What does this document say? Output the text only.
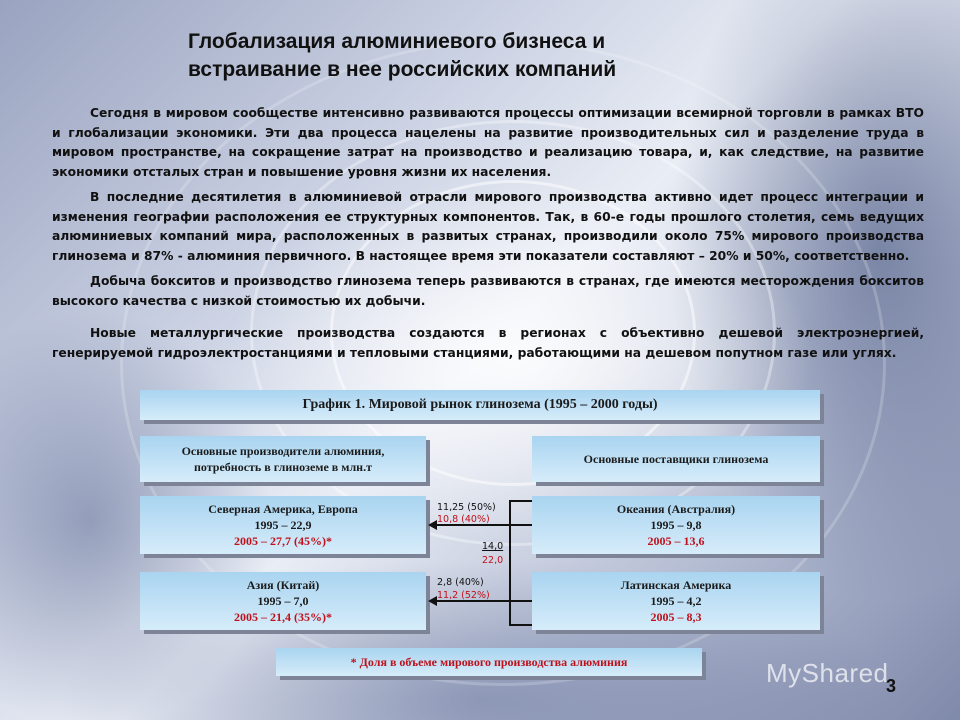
Глобализация алюминиевого бизнеса и
встраивание в нее российских компаний

Сегодня в мировом сообществе интенсивно развиваются процессы оптимизации всемирной торговли в рамках ВТО и глобализации экономики. Эти два процесса нацелены на развитие производительных сил и разделение труда в мировом пространстве, на сокращение затрат на производство и реализацию товара, и, как следствие, на развитие экономики отсталых стран и повышение уровня жизни их населения.

В последние десятилетия в алюминиевой отрасли мирового производства активно идет процесс интеграции и изменения географии расположения ее структурных компонентов. Так, в 60-е годы прошлого столетия, семь ведущих алюминиевых компаний мира, расположенных в развитых странах, производили около 75% мирового производства глинозема и 87% - алюминия первичного. В настоящее время эти показатели составляют – 20% и 50%, соответственно.

Добыча бокситов и производство глинозема теперь развиваются в странах, где имеются месторождения бокситов высокого качества с низкой стоимостью их добычи.

Новые металлургические производства создаются в регионах с объективно дешевой электроэнергией, генерируемой гидроэлектростанциями и тепловыми станциями, работающими на дешевом попутном газе или углях.

График 1. Мировой рынок глинозема (1995 – 2000 годы)
Основные производители алюминия,
потребность в глиноземе в млн.т
Основные поставщики глинозема
Северная Америка, Европа
1995 – 22,9
2005 – 27,7 (45%)*
Азия (Китай)
1995 – 7,0
2005 – 21,4 (35%)*
Океания (Австралия)
1995 – 9,8
2005 – 13,6
Латинская Америка
1995 – 4,2
2005 – 8,3
11,25 (50%)
10,8 (40%)
14,0
22,0
2,8 (40%)
11,2 (52%)
* Доля в объеме мирового производства алюминия	MyShared
3
